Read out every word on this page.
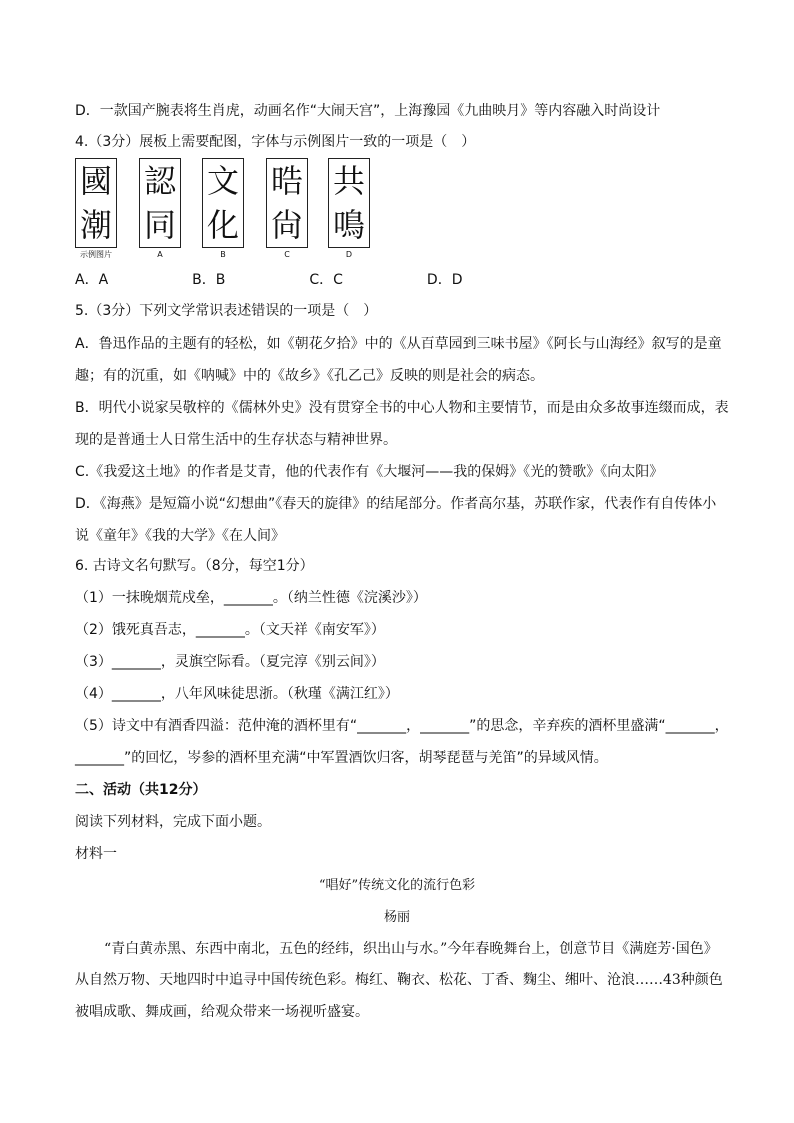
D．一款国产腕表将生肖虎，动画名作“大闹天宫”，上海豫园《九曲映月》等内容融入时尚设计
4.（3分）展板上需要配图，字体与示例图片一致的一项是（　）
國
潮
示例图片
認
同
A
文
化
B
晧
尙
C
共
鳴
D
A．A　　　　　　B．B　　　　　　C．C　　　　　　D．D
5.（3分）下列文学常识表述错误的一项是（　）
A．鲁迅作品的主题有的轻松，如《朝花夕拾》中的《从百草园到三味书屋》《阿长与山海经》叙写的是童
趣；有的沉重，如《呐喊》中的《故乡》《孔乙己》反映的则是社会的病态。
B．明代小说家吴敬梓的《儒林外史》没有贯穿全书的中心人物和主要情节，而是由众多故事连缀而成，表
现的是普通士人日常生活中的生存状态与精神世界。
C.《我爱这土地》的作者是艾青，他的代表作有《大堰河——我的保姆》《光的赞歌》《向太阳》
D．《海燕》是短篇小说“幻想曲”《春天的旋律》的结尾部分。作者高尔基，苏联作家，代表作有自传体小
说《童年》《我的大学》《在人间》
6. 古诗文名句默写。（8分，每空1分）
（1）一抹晚烟荒戍垒，_______。（纳兰性德《浣溪沙》）
（2）饿死真吾志，_______。（文天祥《南安军》）
（3）_______，灵旗空际看。（夏完淳《别云间》）
（4）_______，八年风味徒思浙。（秋瑾《满江红》）
（5）诗文中有酒香四溢：范仲淹的酒杯里有“_______，_______”的思念，辛弃疾的酒杯里盛满“_______，
_______”的回忆，岑参的酒杯里充满“中军置酒饮归客，胡琴琵琶与羌笛”的异域风情。
二、活动（共12分）
阅读下列材料，完成下面小题。
材料一
“唱好”传统文化的流行色彩
杨丽
“青白黄赤黑、东西中南北，五色的经纬，织出山与水。”今年春晚舞台上，创意节目《满庭芳·国色》
从自然万物、天地四时中追寻中国传统色彩。梅红、鞠衣、松花、丁香、麴尘、缃叶、沧浪……43种颜色
被唱成歌、舞成画，给观众带来一场视听盛宴。
